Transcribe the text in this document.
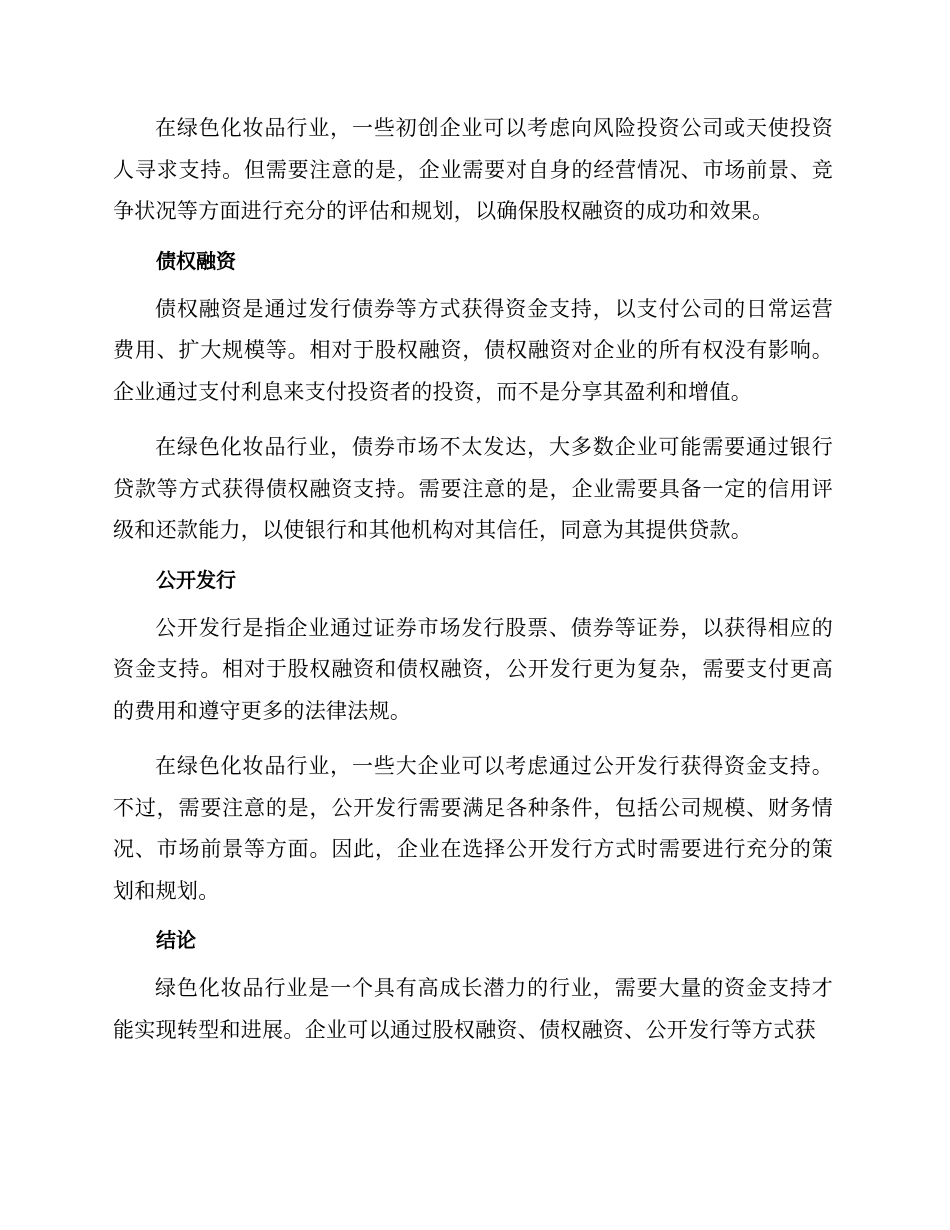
在绿色化妆品行业，一些初创企业可以考虑向风险投资公司或天使投资人寻求支持。但需要注意的是，企业需要对自身的经营情况、市场前景、竞争状况等方面进行充分的评估和规划，以确保股权融资的成功和效果。

债权融资

债权融资是通过发行债券等方式获得资金支持，以支付公司的日常运营费用、扩大规模等。相对于股权融资，债权融资对企业的所有权没有影响。企业通过支付利息来支付投资者的投资，而不是分享其盈利和增值。

在绿色化妆品行业，债券市场不太发达，大多数企业可能需要通过银行贷款等方式获得债权融资支持。需要注意的是，企业需要具备一定的信用评级和还款能力，以使银行和其他机构对其信任，同意为其提供贷款。

公开发行

公开发行是指企业通过证券市场发行股票、债券等证券，以获得相应的资金支持。相对于股权融资和债权融资，公开发行更为复杂，需要支付更高的费用和遵守更多的法律法规。

在绿色化妆品行业，一些大企业可以考虑通过公开发行获得资金支持。不过，需要注意的是，公开发行需要满足各种条件，包括公司规模、财务情况、市场前景等方面。因此，企业在选择公开发行方式时需要进行充分的策划和规划。

结论

绿色化妆品行业是一个具有高成长潜力的行业，需要大量的资金支持才能实现转型和进展。企业可以通过股权融资、债权融资、公开发行等方式获
